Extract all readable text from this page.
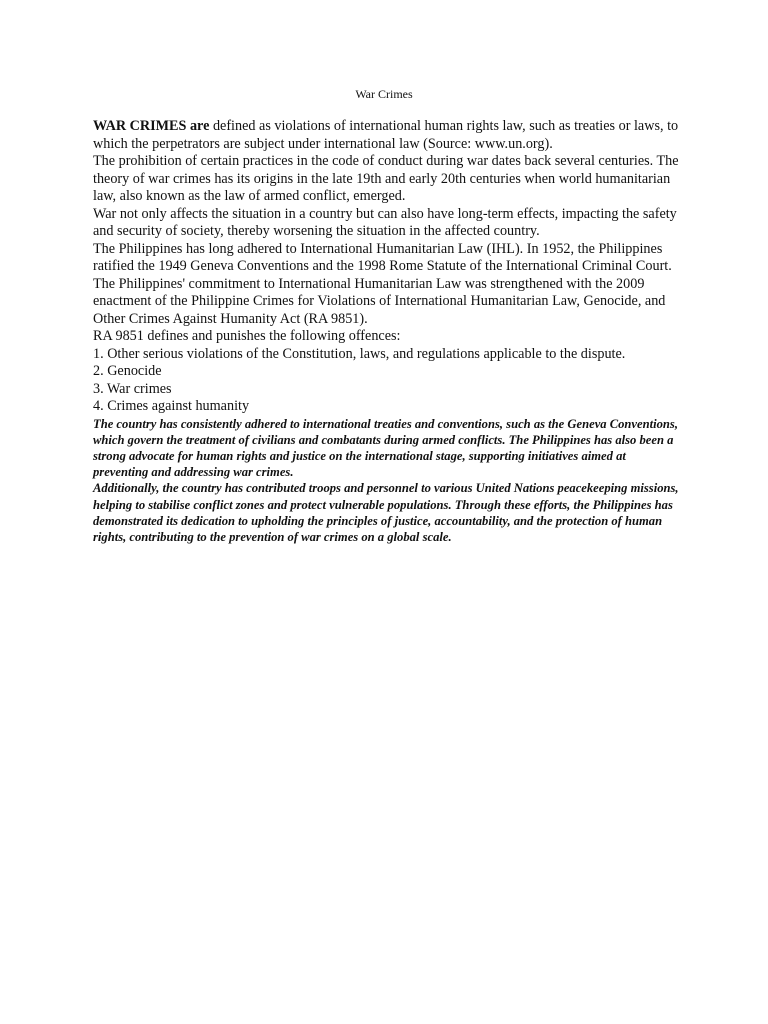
War Crimes

WAR CRIMES are defined as violations of international human rights law, such as treaties or laws, to which the perpetrators are subject under international law (Source: www.un.org).

The prohibition of certain practices in the code of conduct during war dates back several centuries. The theory of war crimes has its origins in the late 19th and early 20th centuries when world humanitarian law, also known as the law of armed conflict, emerged.

War not only affects the situation in a country but can also have long-term effects, impacting the safety and security of society, thereby worsening the situation in the affected country.

The Philippines has long adhered to International Humanitarian Law (IHL). In 1952, the Philippines ratified the 1949 Geneva Conventions and the 1998 Rome Statute of the International Criminal Court. The Philippines' commitment to International Humanitarian Law was strengthened with the 2009 enactment of the Philippine Crimes for Violations of International Humanitarian Law, Genocide, and Other Crimes Against Humanity Act (RA 9851).

RA 9851 defines and punishes the following offences:

1. Other serious violations of the Constitution, laws, and regulations applicable to the dispute.

2. Genocide

3. War crimes

4. Crimes against humanity

The country has consistently adhered to international treaties and conventions, such as the Geneva Conventions, which govern the treatment of civilians and combatants during armed conflicts. The Philippines has also been a strong advocate for human rights and justice on the international stage, supporting initiatives aimed at preventing and addressing war crimes.

Additionally, the country has contributed troops and personnel to various United Nations peacekeeping missions, helping to stabilise conflict zones and protect vulnerable populations. Through these efforts, the Philippines has demonstrated its dedication to upholding the principles of justice, accountability, and the protection of human rights, contributing to the prevention of war crimes on a global scale.
